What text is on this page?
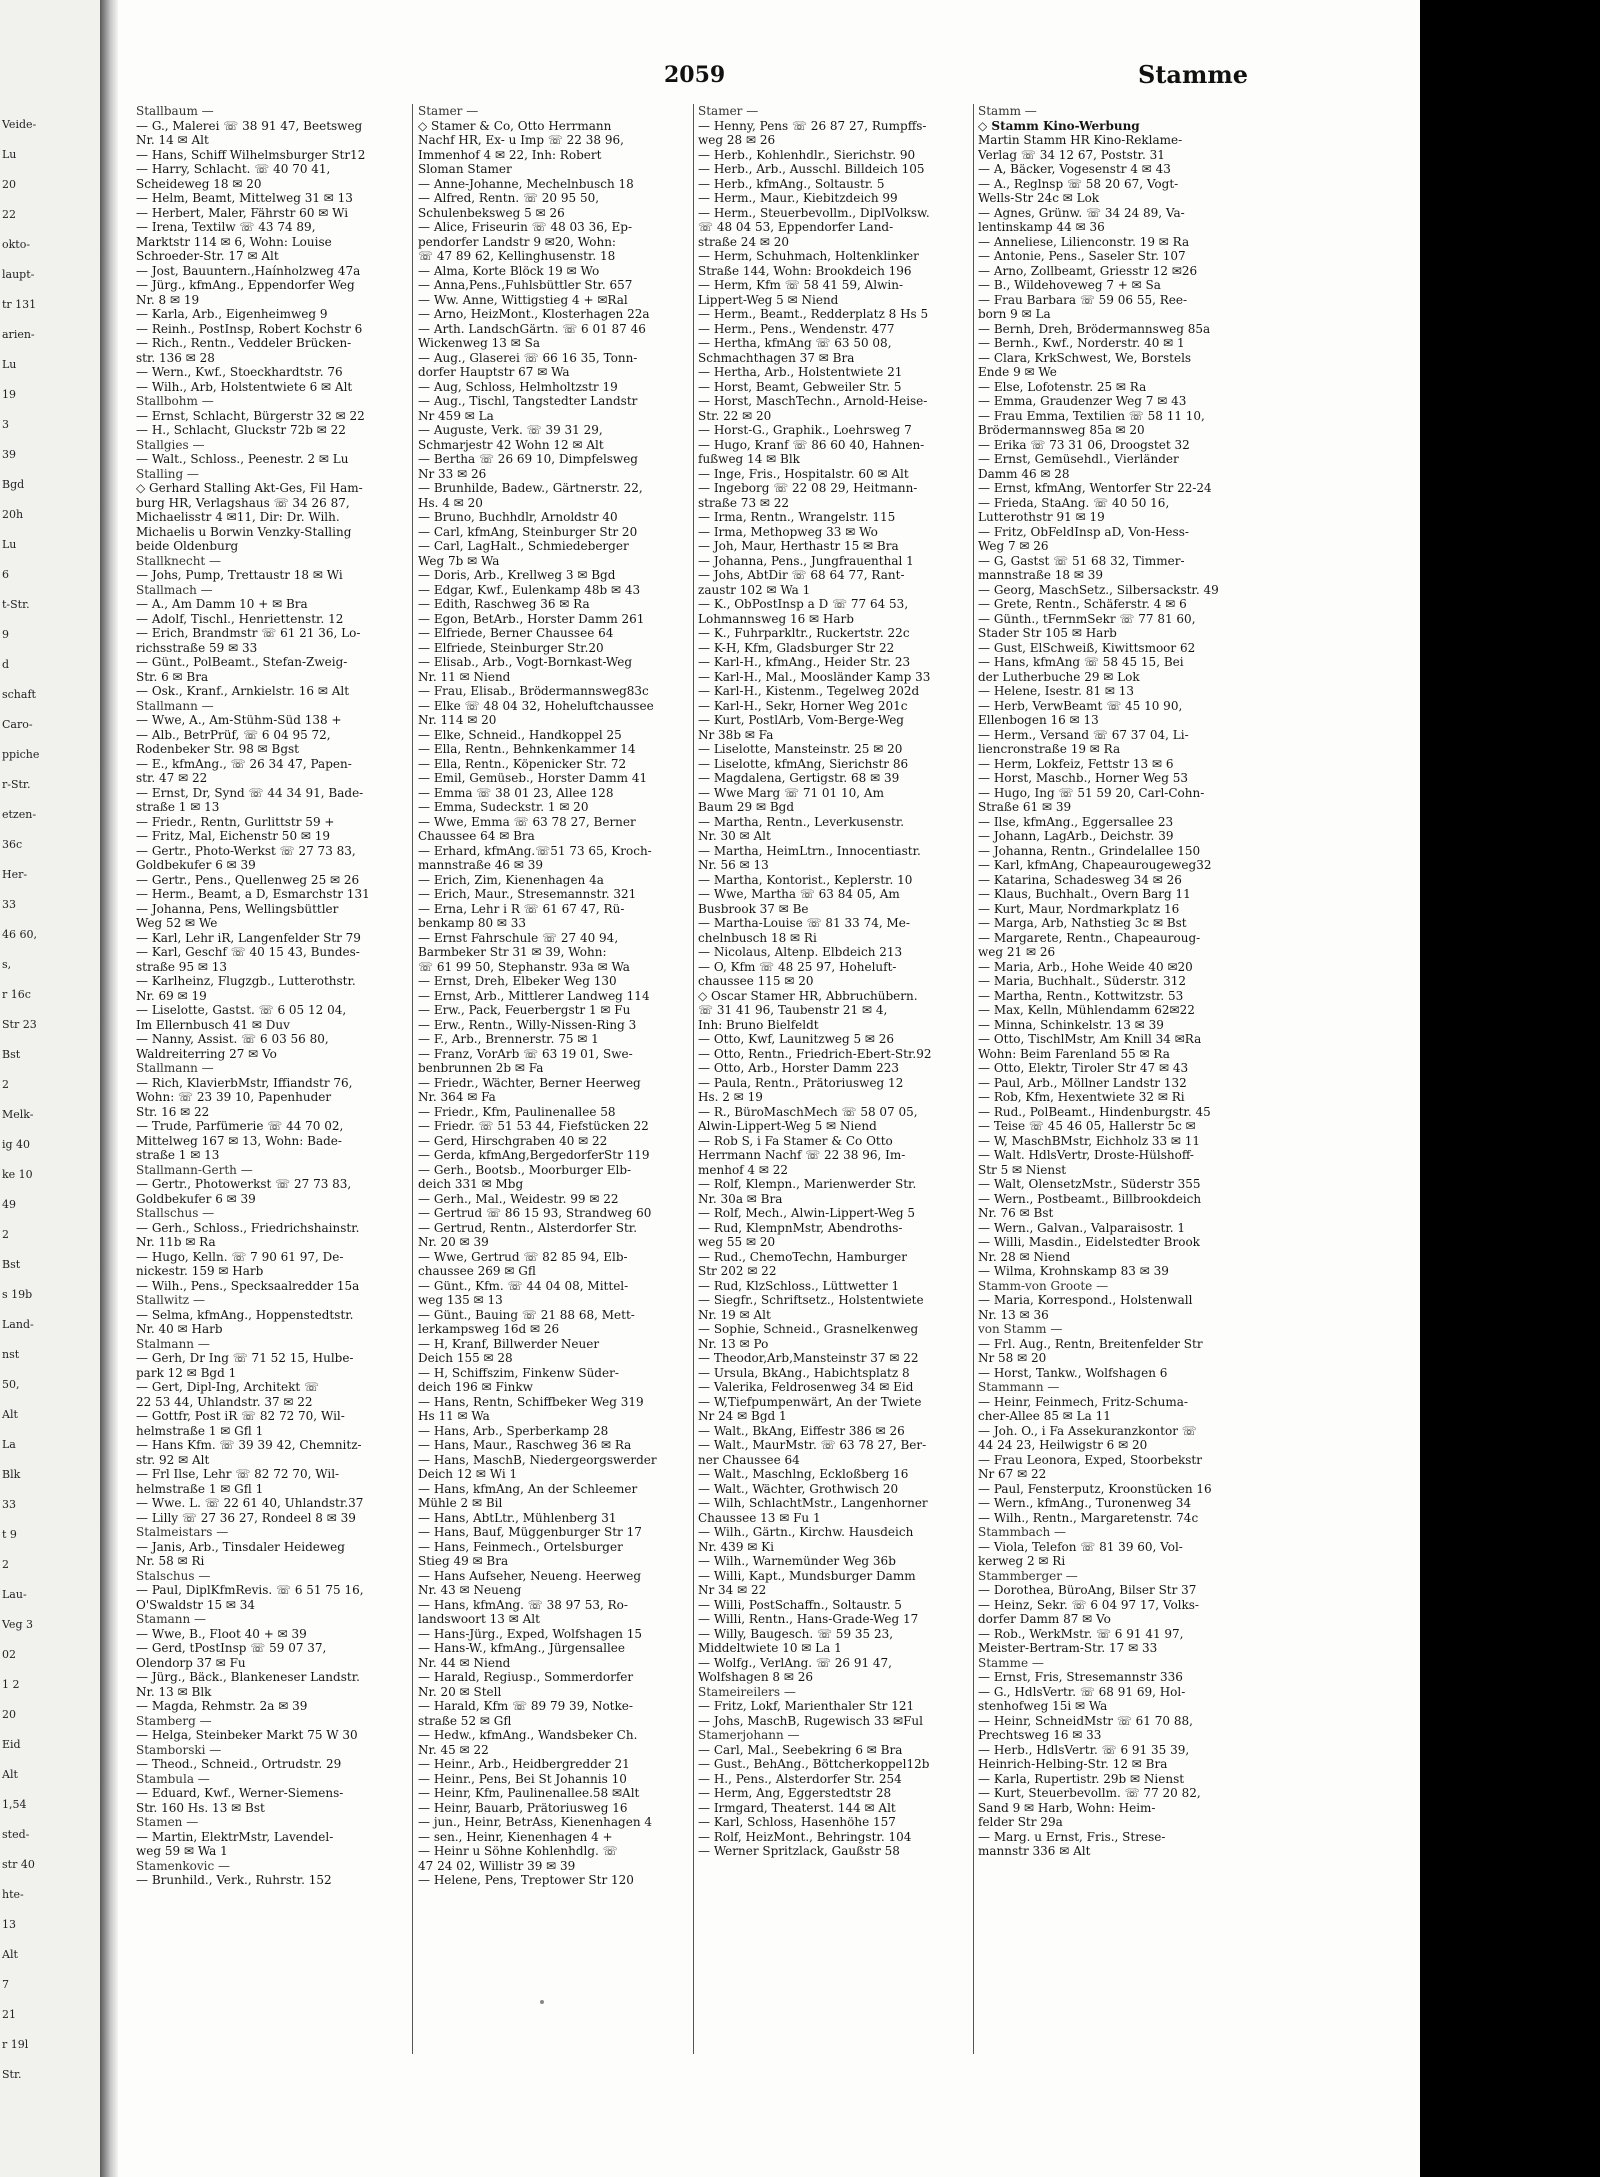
Veide-
Lu
20
22
okto-
laupt-
tr 131
arien-
Lu
19
3
39
Bgd
20h
Lu
6
t-Str.
9
d
schaft
Caro-
ppiche
r-Str.
etzen-
36c
Her-
33
46 60,
s,
r 16c
Str 23
Bst
2
Melk-
ig 40
ke 10
49
2
Bst
s 19b
Land-
nst
50,
Alt
La
Blk
33
t 9
2
Lau-
Veg 3
02
1 2
20
Eid
Alt
1,54
sted-
str 40
hte-
13
Alt
7
21
r 19l
Str.
2059	Stamme

Stallbaum —

— G., Malerei ☏ 38 91 47, Beetsweg

Nr. 14 ✉ Alt

— Hans, Schiff Wilhelmsburger Str12

— Harry, Schlacht. ☏ 40 70 41,

Scheideweg 18 ✉ 20

— Helm, Beamt, Mittelweg 31 ✉ 13

— Herbert, Maler, Fährstr 60 ✉ Wi

— Irena, Textilw ☏ 43 74 89,

Marktstr 114 ✉ 6, Wohn: Louise

Schroeder-Str. 17 ✉ Alt

— Jost, Bauuntern.,Haínholzweg 47a

— Jürg., kfmAng., Eppendorfer Weg

Nr. 8 ✉ 19

— Karla, Arb., Eigenheimweg 9

— Reinh., PostInsp, Robert Kochstr 6

— Rich., Rentn., Veddeler Brücken-

str. 136 ✉ 28

— Wern., Kwf., Stoeckhardtstr. 76

— Wilh., Arb, Holstentwiete 6 ✉ Alt

Stallbohm —

— Ernst, Schlacht, Bürgerstr 32 ✉ 22

— H., Schlacht, Gluckstr 72b ✉ 22

Stallgies —

— Walt., Schloss., Peenestr. 2 ✉ Lu

Stalling —

◇ Gerhard Stalling Akt-Ges, Fil Ham-

burg HR, Verlagshaus ☏ 34 26 87,

Michaelisstr 4 ✉11, Dir: Dr. Wilh.

Michaelis u Borwin Venzky-Stalling

beide Oldenburg

Stallknecht —

— Johs, Pump, Trettaustr 18 ✉ Wi

Stallmach —

— A., Am Damm 10 + ✉ Bra

— Adolf, Tischl., Henriettenstr. 12

— Erich, Brandmstr ☏ 61 21 36, Lo-

richsstraße 59 ✉ 33

— Günt., PolBeamt., Stefan-Zweig-

Str. 6 ✉ Bra

— Osk., Kranf., Arnkielstr. 16 ✉ Alt

Stallmann —

— Wwe, A., Am-Stühm-Süd 138 +

— Alb., BetrPrüf, ☏ 6 04 95 72,

Rodenbeker Str. 98 ✉ Bgst

— E., kfmAng., ☏ 26 34 47, Papen-

str. 47 ✉ 22

— Ernst, Dr, Synd ☏ 44 34 91, Bade-

straße 1 ✉ 13

— Friedr., Rentn, Gurlittstr 59 +

— Fritz, Mal, Eichenstr 50 ✉ 19

— Gertr., Photo-Werkst ☏ 27 73 83,

Goldbekufer 6 ✉ 39

— Gertr., Pens., Quellenweg 25 ✉ 26

— Herm., Beamt, a D, Esmarchstr 131

— Johanna, Pens, Wellingsbüttler

Weg 52 ✉ We

— Karl, Lehr iR, Langenfelder Str 79

— Karl, Geschf ☏ 40 15 43, Bundes-

straße 95 ✉ 13

— Karlheinz, Flugzgb., Lutterothstr.

Nr. 69 ✉ 19

— Liselotte, Gastst. ☏ 6 05 12 04,

Im Ellernbusch 41 ✉ Duv

— Nanny, Assist. ☏ 6 03 56 80,

Waldreiterring 27 ✉ Vo

Stallmann —

— Rich, KlavierbMstr, Iffiandstr 76,

Wohn: ☏ 23 39 10, Papenhuder

Str. 16 ✉ 22

— Trude, Parfümerie ☏ 44 70 02,

Mittelweg 167 ✉ 13, Wohn: Bade-

straße 1 ✉ 13

Stallmann-Gerth —

— Gertr., Photowerkst ☏ 27 73 83,

Goldbekufer 6 ✉ 39

Stallschus —

— Gerh., Schloss., Friedrichshainstr.

Nr. 11b ✉ Ra

— Hugo, Kelln. ☏ 7 90 61 97, De-

nickestr. 159 ✉ Harb

— Wilh., Pens., Specksaalredder 15a

Stallwitz —

— Selma, kfmAng., Hoppenstedtstr.

Nr. 40 ✉ Harb

Stalmann —

— Gerh, Dr Ing ☏ 71 52 15, Hulbe-

park 12 ✉ Bgd 1

— Gert, Dipl-Ing, Architekt ☏

22 53 44, Uhlandstr. 37 ✉ 22

— Gottfr, Post iR ☏ 82 72 70, Wil-

helmstraße 1 ✉ Gfl 1

— Hans Kfm. ☏ 39 39 42, Chemnitz-

str. 92 ✉ Alt

— Frl Ilse, Lehr ☏ 82 72 70, Wil-

helmstraße 1 ✉ Gfl 1

— Wwe. L. ☏ 22 61 40, Uhlandstr.37

— Lilly ☏ 27 36 27, Rondeel 8 ✉ 39

Stalmeistars —

— Janis, Arb., Tinsdaler Heideweg

Nr. 58 ✉ Ri

Stalschus —

— Paul, DiplKfmRevis. ☏ 6 51 75 16,

O'Swaldstr 15 ✉ 34

Stamann —

— Wwe, B., Floot 40 + ✉ 39

— Gerd, tPostInsp ☏ 59 07 37,

Olendorp 37 ✉ Fu

— Jürg., Bäck., Blankeneser Landstr.

Nr. 13 ✉ Blk

— Magda, Rehmstr. 2a ✉ 39

Stamberg —

— Helga, Steinbeker Markt 75 W 30

Stamborski —

— Theod., Schneid., Ortrudstr. 29

Stambula —

— Eduard, Kwf., Werner-Siemens-

Str. 160 Hs. 13 ✉ Bst

Stamen —

— Martin, ElektrMstr, Lavendel-

weg 59 ✉ Wa 1

Stamenkovic —

— Brunhild., Verk., Ruhrstr. 152

Stamer —

◇ Stamer & Co, Otto Herrmann

Nachf HR, Ex- u Imp ☏ 22 38 96,

Immenhof 4 ✉ 22, Inh: Robert

Sloman Stamer

— Anne-Johanne, Mechelnbusch 18

— Alfred, Rentn. ☏ 20 95 50,

Schulenbeksweg 5 ✉ 26

— Alice, Friseurin ☏ 48 03 36, Ep-

pendorfer Landstr 9 ✉20, Wohn:

☏ 47 89 62, Kellinghusenstr. 18

— Alma, Korte Blöck 19 ✉ Wo

— Anna,Pens.,Fuhlsbüttler Str. 657

— Ww. Anne, Wittigstieg 4 + ✉Ral

— Arno, HeizMont., Klosterhagen 22a

— Arth. LandschGärtn. ☏ 6 01 87 46

Wickenweg 13 ✉ Sa

— Aug., Glaserei ☏ 66 16 35, Tonn-

dorfer Hauptstr 67 ✉ Wa

— Aug, Schloss, Helmholtzstr 19

— Aug., Tischl, Tangstedter Landstr

Nr 459 ✉ La

— Auguste, Verk. ☏ 39 31 29,

Schmarjestr 42 Wohn 12 ✉ Alt

— Bertha ☏ 26 69 10, Dimpfelsweg

Nr 33 ✉ 26

— Brunhilde, Badew., Gärtnerstr. 22,

Hs. 4 ✉ 20

— Bruno, Buchhdlr, Arnoldstr 40

— Carl, kfmAng, Steinburger Str 20

— Carl, LagHalt., Schmiedeberger

Weg 7b ✉ Wa

— Doris, Arb., Krellweg 3 ✉ Bgd

— Edgar, Kwf., Eulenkamp 48b ✉ 43

— Edith, Raschweg 36 ✉ Ra

— Egon, BetArb., Horster Damm 261

— Elfriede, Berner Chaussee 64

— Elfriede, Steinburger Str.20

— Elisab., Arb., Vogt-Bornkast-Weg

Nr. 11 ✉ Niend

— Frau, Elisab., Brödermannsweg83c

— Elke ☏ 48 04 32, Hoheluftchaussee

Nr. 114 ✉ 20

— Elke, Schneid., Handkoppel 25

— Ella, Rentn., Behnkenkammer 14

— Ella, Rentn., Köpenicker Str. 72

— Emil, Gemüseb., Horster Damm 41

— Emma ☏ 38 01 23, Allee 128

— Emma, Sudeckstr. 1 ✉ 20

— Wwe, Emma ☏ 63 78 27, Berner

Chaussee 64 ✉ Bra

— Erhard, kfmAng.☏51 73 65, Kroch-

mannstraße 46 ✉ 39

— Erich, Zim, Kienenhagen 4a

— Erich, Maur., Stresemannstr. 321

— Erna, Lehr i R ☏ 61 67 47, Rü-

benkamp 80 ✉ 33

— Ernst Fahrschule ☏ 27 40 94,

Barmbeker Str 31 ✉ 39, Wohn:

☏ 61 99 50, Stephanstr. 93a ✉ Wa

— Ernst, Dreh, Elbeker Weg 130

— Ernst, Arb., Mittlerer Landweg 114

— Erw., Pack, Feuerbergstr 1 ✉ Fu

— Erw., Rentn., Willy-Nissen-Ring 3

— F., Arb., Brennerstr. 75 ✉ 1

— Franz, VorArb ☏ 63 19 01, Swe-

benbrunnen 2b ✉ Fa

— Friedr., Wächter, Berner Heerweg

Nr. 364 ✉ Fa

— Friedr., Kfm, Paulinenallee 58

— Friedr. ☏ 51 53 44, Fiefstücken 22

— Gerd, Hirschgraben 40 ✉ 22

— Gerda, kfmAng,BergedorferStr 119

— Gerh., Bootsb., Moorburger Elb-

deich 331 ✉ Mbg

— Gerh., Mal., Weidestr. 99 ✉ 22

— Gertrud ☏ 86 15 93, Strandweg 60

— Gertrud, Rentn., Alsterdorfer Str.

Nr. 20 ✉ 39

— Wwe, Gertrud ☏ 82 85 94, Elb-

chaussee 269 ✉ Gfl

— Günt., Kfm. ☏ 44 04 08, Mittel-

weg 135 ✉ 13

— Günt., Bauing ☏ 21 88 68, Mett-

lerkampsweg 16d ✉ 26

— H, Kranf, Billwerder Neuer

Deich 155 ✉ 28

— H, Schiffszim, Finkenw Süder-

deich 196 ✉ Finkw

— Hans, Rentn, Schiffbeker Weg 319

Hs 11 ✉ Wa

— Hans, Arb., Sperberkamp 28

— Hans, Maur., Raschweg 36 ✉ Ra

— Hans, MaschB, Niedergeorgswerder

Deich 12 ✉ Wi 1

— Hans, kfmAng, An der Schleemer

Mühle 2 ✉ Bil

— Hans, AbtLtr., Mühlenberg 31

— Hans, Bauf, Müggenburger Str 17

— Hans, Feinmech., Ortelsburger

Stieg 49 ✉ Bra

— Hans Aufseher, Neueng. Heerweg

Nr. 43 ✉ Neueng

— Hans, kfmAng. ☏ 38 97 53, Ro-

landswoort 13 ✉ Alt

— Hans-Jürg., Exped, Wolfshagen 15

— Hans-W., kfmAng., Jürgensallee

Nr. 44 ✉ Niend

— Harald, Regiusp., Sommerdorfer

Nr. 20 ✉ Stell

— Harald, Kfm ☏ 89 79 39, Notke-

straße 52 ✉ Gfl

— Hedw., kfmAng., Wandsbeker Ch.

Nr. 45 ✉ 22

— Heinr., Arb., Heidbergredder 21

— Heinr., Pens, Bei St Johannis 10

— Heinr, Kfm, Paulinenallee.58 ✉Alt

— Heinr, Bauarb, Prätoriusweg 16

— jun., Heinr, BetrAss, Kienenhagen 4

— sen., Heinr, Kienenhagen 4 +

— Heinr u Söhne Kohlenhdlg. ☏

47 24 02, Willistr 39 ✉ 39

— Helene, Pens, Treptower Str 120

Stamer —

— Henny, Pens ☏ 26 87 27, Rumpffs-

weg 28 ✉ 26

— Herb., Kohlenhdlr., Sierichstr. 90

— Herb., Arb., Ausschl. Billdeich 105

— Herb., kfmAng., Soltaustr. 5

— Herm., Maur., Kiebitzdeich 99

— Herm., Steuerbevollm., DiplVolksw.

☏ 48 04 53, Eppendorfer Land-

straße 24 ✉ 20

— Herm, Schuhmach, Holtenklinker

Straße 144, Wohn: Brookdeich 196

— Herm, Kfm ☏ 58 41 59, Alwin-

Lippert-Weg 5 ✉ Niend

— Herm., Beamt., Redderplatz 8 Hs 5

— Herm., Pens., Wendenstr. 477

— Hertha, kfmAng ☏ 63 50 08,

Schmachthagen 37 ✉ Bra

— Hertha, Arb., Holstentwiete 21

— Horst, Beamt, Gebweiler Str. 5

— Horst, MaschTechn., Arnold-Heise-

Str. 22 ✉ 20

— Horst-G., Graphik., Loehrsweg 7

— Hugo, Kranf ☏ 86 60 40, Hahnen-

fußweg 14 ✉ Blk

— Inge, Fris., Hospitalstr. 60 ✉ Alt

— Ingeborg ☏ 22 08 29, Heitmann-

straße 73 ✉ 22

— Irma, Rentn., Wrangelstr. 115

— Irma, Methopweg 33 ✉ Wo

— Joh, Maur, Herthastr 15 ✉ Bra

— Johanna, Pens., Jungfrauenthal 1

— Johs, AbtDir ☏ 68 64 77, Rant-

zaustr 102 ✉ Wa 1

— K., ObPostInsp a D ☏ 77 64 53,

Lohmannsweg 16 ✉ Harb

— K., Fuhrparkltr., Ruckertstr. 22c

— K-H, Kfm, Gladsburger Str 22

— Karl-H., kfmAng., Heider Str. 23

— Karl-H., Mal., Moosländer Kamp 33

— Karl-H., Kistenm., Tegelweg 202d

— Karl-H., Sekr, Horner Weg 201c

— Kurt, PostlArb, Vom-Berge-Weg

Nr 38b ✉ Fa

— Liselotte, Mansteinstr. 25 ✉ 20

— Liselotte, kfmAng, Sierichstr 86

— Magdalena, Gertigstr. 68 ✉ 39

— Wwe Marg ☏ 71 01 10, Am

Baum 29 ✉ Bgd

— Martha, Rentn., Leverkusenstr.

Nr. 30 ✉ Alt

— Martha, HeimLtrn., Innocentiastr.

Nr. 56 ✉ 13

— Martha, Kontorist., Keplerstr. 10

— Wwe, Martha ☏ 63 84 05, Am

Busbrook 37 ✉ Be

— Martha-Louise ☏ 81 33 74, Me-

chelnbusch 18 ✉ Ri

— Nicolaus, Altenp. Elbdeich 213

— O, Kfm ☏ 48 25 97, Hoheluft-

chaussee 115 ✉ 20

◇ Oscar Stamer HR, Abbruchübern.

☏ 31 41 96, Taubenstr 21 ✉ 4,

Inh: Bruno Bielfeldt

— Otto, Kwf, Launitzweg 5 ✉ 26

— Otto, Rentn., Friedrich-Ebert-Str.92

— Otto, Arb., Horster Damm 223

— Paula, Rentn., Prätoriusweg 12

Hs. 2 ✉ 19

— R., BüroMaschMech ☏ 58 07 05,

Alwin-Lippert-Weg 5 ✉ Niend

— Rob S, i Fa Stamer & Co Otto

Herrmann Nachf ☏ 22 38 96, Im-

menhof 4 ✉ 22

— Rolf, Klempn., Marienwerder Str.

Nr. 30a ✉ Bra

— Rolf, Mech., Alwin-Lippert-Weg 5

— Rud, KlempnMstr, Abendroths-

weg 55 ✉ 20

— Rud., ChemoTechn, Hamburger

Str 202 ✉ 22

— Rud, KlzSchloss., Lüttwetter 1

— Siegfr., Schriftsetz., Holstentwiete

Nr. 19 ✉ Alt

— Sophie, Schneid., Grasnelkenweg

Nr. 13 ✉ Po

— Theodor,Arb,Mansteinstr 37 ✉ 22

— Ursula, BkAng., Habichtsplatz 8

— Valerika, Feldrosenweg 34 ✉ Eid

— W,Tiefpumpenwärt, An der Twiete

Nr 24 ✉ Bgd 1

— Walt., BkAng, Eiffestr 386 ✉ 26

— Walt., MaurMstr. ☏ 63 78 27, Ber-

ner Chaussee 64

— Walt., Maschlng, Eckloßberg 16

— Walt., Wächter, Grothwisch 20

— Wilh, SchlachtMstr., Langenhorner

Chaussee 13 ✉ Fu 1

— Wilh., Gärtn., Kirchw. Hausdeich

Nr. 439 ✉ Ki

— Wilh., Warnemünder Weg 36b

— Willi, Kapt., Mundsburger Damm

Nr 34 ✉ 22

— Willi, PostSchaffn., Soltaustr. 5

— Willi, Rentn., Hans-Grade-Weg 17

— Willy, Baugesch. ☏ 59 35 23,

Middeltwiete 10 ✉ La 1

— Wolfg., VerlAng. ☏ 26 91 47,

Wolfshagen 8 ✉ 26

Stameireilers —

— Fritz, Lokf, Marienthaler Str 121

— Johs, MaschB, Rugewisch 33 ✉Ful

Stamerjohann —

— Carl, Mal., Seebekring 6 ✉ Bra

— Gust., BehAng., Böttcherkoppel12b

— H., Pens., Alsterdorfer Str. 254

— Herm, Ang, Eggerstedtstr 28

— Irmgard, Theaterst. 144 ✉ Alt

— Karl, Schloss, Hasenhöhe 157

— Rolf, HeizMont., Behringstr. 104

— Werner Spritzlack, Gaußstr 58

Stamm —

◇ Stamm Kino-Werbung

Martin Stamm HR Kino-Reklame-

Verlag ☏ 34 12 67, Poststr. 31

— A, Bäcker, Vogesenstr 4 ✉ 43

— A., Reglnsp ☏ 58 20 67, Vogt-

Wells-Str 24c ✉ Lok

— Agnes, Grünw. ☏ 34 24 89, Va-

lentinskamp 44 ✉ 36

— Anneliese, Lilienconstr. 19 ✉ Ra

— Antonie, Pens., Saseler Str. 107

— Arno, Zollbeamt, Griesstr 12 ✉26

— B., Wildehoveweg 7 + ✉ Sa

— Frau Barbara ☏ 59 06 55, Ree-

born 9 ✉ La

— Bernh, Dreh, Brödermannsweg 85a

— Bernh., Kwf., Norderstr. 40 ✉ 1

— Clara, KrkSchwest, We, Borstels

Ende 9 ✉ We

— Else, Lofotenstr. 25 ✉ Ra

— Emma, Graudenzer Weg 7 ✉ 43

— Frau Emma, Textilien ☏ 58 11 10,

Brödermannsweg 85a ✉ 20

— Erika ☏ 73 31 06, Droogstet 32

— Ernst, Gemüsehdl., Vierländer

Damm 46 ✉ 28

— Ernst, kfmAng, Wentorfer Str 22-24

— Frieda, StaAng. ☏ 40 50 16,

Lutterothstr 91 ✉ 19

— Fritz, ObFeldInsp aD, Von-Hess-

Weg 7 ✉ 26

— G, Gastst ☏ 51 68 32, Timmer-

mannstraße 18 ✉ 39

— Georg, MaschSetz., Silbersackstr. 49

— Grete, Rentn., Schäferstr. 4 ✉ 6

— Günth., tFernmSekr ☏ 77 81 60,

Stader Str 105 ✉ Harb

— Gust, ElSchweiß, Kiwittsmoor 62

— Hans, kfmAng ☏ 58 45 15, Bei

der Lutherbuche 29 ✉ Lok

— Helene, Isestr. 81 ✉ 13

— Herb, VerwBeamt ☏ 45 10 90,

Ellenbogen 16 ✉ 13

— Herm., Versand ☏ 67 37 04, Li-

liencronstraße 19 ✉ Ra

— Herm, Lokfeiz, Fettstr 13 ✉ 6

— Horst, Maschb., Horner Weg 53

— Hugo, Ing ☏ 51 59 20, Carl-Cohn-

Straße 61 ✉ 39

— Ilse, kfmAng., Eggersallee 23

— Johann, LagArb., Deichstr. 39

— Johanna, Rentn., Grindelallee 150

— Karl, kfmAng, Chapeaurougeweg32

— Katarina, Schadesweg 34 ✉ 26

— Klaus, Buchhalt., Overn Barg 11

— Kurt, Maur, Nordmarkplatz 16

— Marga, Arb, Nathstieg 3c ✉ Bst

— Margarete, Rentn., Chapeauroug-

weg 21 ✉ 26

— Maria, Arb., Hohe Weide 40 ✉20

— Maria, Buchhalt., Süderstr. 312

— Martha, Rentn., Kottwitzstr. 53

— Max, Kelln, Mühlendamm 62✉22

— Minna, Schinkelstr. 13 ✉ 39

— Otto, TischlMstr, Am Knill 34 ✉Ra

Wohn: Beim Farenland 55 ✉ Ra

— Otto, Elektr, Tiroler Str 47 ✉ 43

— Paul, Arb., Möllner Landstr 132

— Rob, Kfm, Hexentwiete 32 ✉ Ri

— Rud., PolBeamt., Hindenburgstr. 45

— Teise ☏ 45 46 05, Hallerstr 5c ✉

— W, MaschBMstr, Eichholz 33 ✉ 11

— Walt. HdlsVertr, Droste-Hülshoff-

Str 5 ✉ Nienst

— Walt, OlensetzMstr., Süderstr 355

— Wern., Postbeamt., Billbrookdeich

Nr. 76 ✉ Bst

— Wern., Galvan., Valparaisostr. 1

— Willi, Masdin., Eidelstedter Brook

Nr. 28 ✉ Niend

— Wilma, Krohnskamp 83 ✉ 39

Stamm-von Groote —

— Maria, Korrespond., Holstenwall

Nr. 13 ✉ 36

von Stamm —

— Frl. Aug., Rentn, Breitenfelder Str

Nr 58 ✉ 20

— Horst, Tankw., Wolfshagen 6

Stammann —

— Heinr, Feinmech, Fritz-Schuma-

cher-Allee 85 ✉ La 11

— Joh. O., i Fa Assekuranzkontor ☏

44 24 23, Heilwigstr 6 ✉ 20

— Frau Leonora, Exped, Stoorbekstr

Nr 67 ✉ 22

— Paul, Fensterputz, Kroonstücken 16

— Wern., kfmAng., Turonenweg 34

— Wilh., Rentn., Margaretenstr. 74c

Stammbach —

— Viola, Telefon ☏ 81 39 60, Vol-

kerweg 2 ✉ Ri

Stammberger —

— Dorothea, BüroAng, Bilser Str 37

— Heinz, Sekr. ☏ 6 04 97 17, Volks-

dorfer Damm 87 ✉ Vo

— Rob., WerkMstr. ☏ 6 91 41 97,

Meister-Bertram-Str. 17 ✉ 33

Stamme —

— Ernst, Fris, Stresemannstr 336

— G., HdlsVertr. ☏ 68 91 69, Hol-

stenhofweg 15i ✉ Wa

— Heinr, SchneidMstr ☏ 61 70 88,

Prechtsweg 16 ✉ 33

— Herb., HdlsVertr. ☏ 6 91 35 39,

Heinrich-Helbing-Str. 12 ✉ Bra

— Karla, Rupertistr. 29b ✉ Nienst

— Kurt, Steuerbevollm. ☏ 77 20 82,

Sand 9 ✉ Harb, Wohn: Heim-

felder Str 29a

— Marg. u Ernst, Fris., Strese-

mannstr 336 ✉ Alt
